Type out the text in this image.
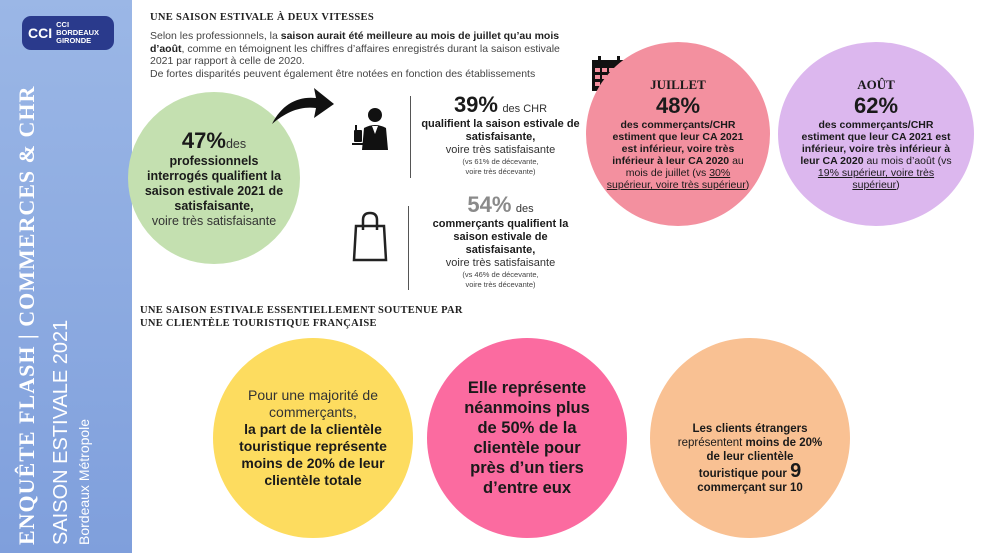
CCI
CCI BORDEAUX
GIRONDE
ENQUÊTE FLASH | COMMERCES & CHR SAISON ESTIVALE 2021 Bordeaux Métropole
UNE SAISON ESTIVALE À DEUX VITESSES
Selon les professionnels, la saison aurait été meilleure au mois de juillet qu’au mois d’août, comme en témoignent les chiffres d’affaires enregistrés durant la saison estivale 2021 par rapport à celle de 2020.
De fortes disparités peuvent également être notées en fonction des établissements
47%des
professionnels interrogés qualifient la saison estivale 2021 de satisfaisante,
voire très satisfaisante
39% des CHR
qualifient la saison estivale de satisfaisante,
voire très satisfaisante
(vs 61% de décevante,
voire très décevante)
54% des
commerçants qualifient la saison estivale de satisfaisante,
voire très satisfaisante
(vs 46% de décevante,
voire très décevante)
JUILLET
48%
des commerçants/CHR estiment que leur CA 2021 est inférieur, voire très inférieur à leur CA 2020 au mois de juillet (vs 30% supérieur, voire très supérieur)
AOÛT
62%
des commerçants/CHR estiment que leur CA 2021 est inférieur, voire très inférieur à leur CA 2020 au mois d’août (vs 19% supérieur, voire très supérieur)
UNE SAISON ESTIVALE ESSENTIELLEMENT SOUTENUE PAR
UNE CLIENTÈLE TOURISTIQUE FRANÇAISE
Pour une majorité de commerçants,
la part de la clientèle touristique représente moins de 20% de leur clientèle totale
Elle représente néanmoins plus de 50% de la clientèle pour près d’un tiers d’entre eux
Les clients étrangers
représentent moins de 20% de leur clientèle touristique pour 9
commerçant sur 10
